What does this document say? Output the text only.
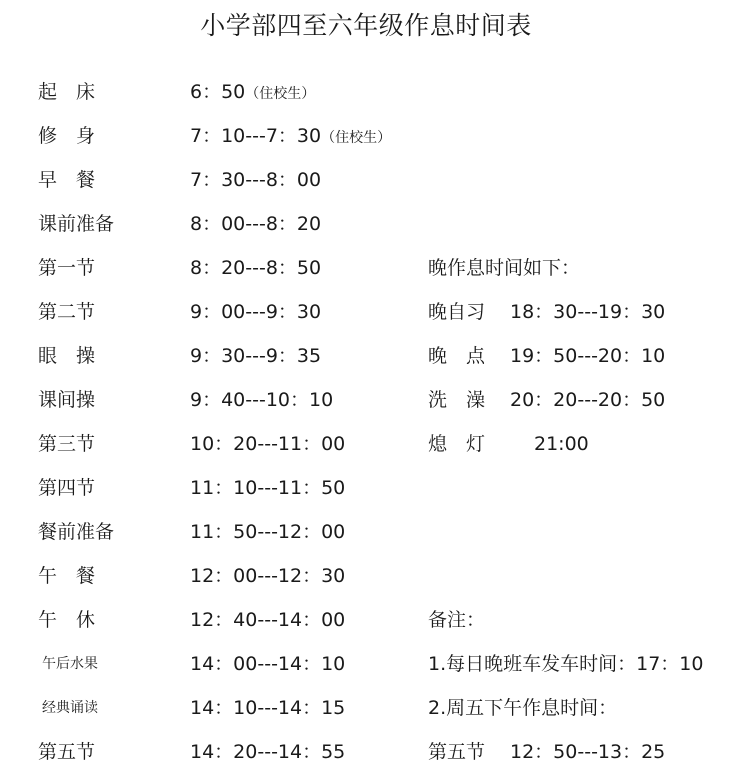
小学部四至六年级作息时间表
起　床	6：50（住校生）
修　身	7：10---7：30（住校生）
早　餐	7：30---8：00
课前准备	8：00---8：20
第一节	8：20---8：50	晚作息时间如下：
第二节	9：00---9：30	晚自习 18：30---19：30
眼　操	9：30---9：35	晚　点 19：50---20：10
课间操	9：40---10：10	洗　澡 20：20---20：50
第三节	10：20---11：00	熄　灯	21:00
第四节	11：10---11：50
餐前准备	11：50---12：00
午　餐	12：00---12：30
午　休	12：40---14：00	备注：
午后水果	14：00---14：10	1.每日晚班车发车时间：17：10
经典诵读	14：10---14：15	2.周五下午作息时间：
第五节	14：20---14：55	第五节 12：50---13：25
